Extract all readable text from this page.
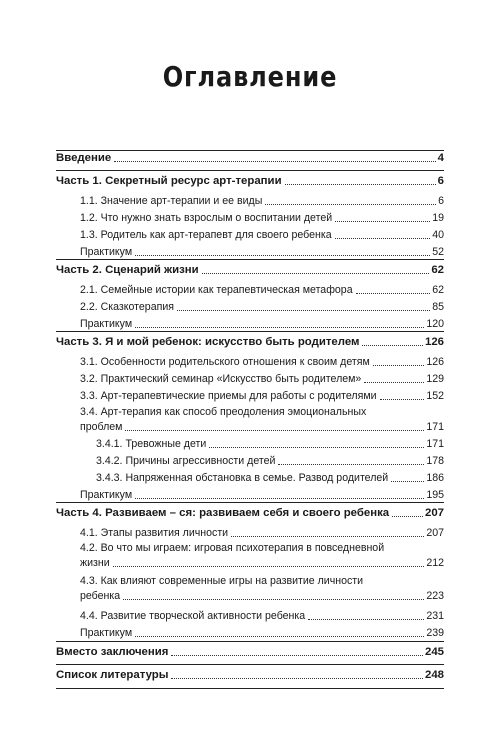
Оглавление
Введение	4
Часть 1. Секретный ресурс арт-терапии	6
1.1. Значение арт-терапии и ее виды	6
1.2. Что нужно знать взрослым о воспитании детей	19
1.3. Родитель как арт-терапевт для своего ребенка	40
Практикум	52
Часть 2. Сценарий жизни	62
2.1. Семейные истории как терапевтическая метафора	62
2.2. Сказкотерапия	85
Практикум	120
Часть 3. Я и мой ребенок: искусство быть родителем	126
3.1. Особенности родительского отношения к своим детям	126
3.2. Практический семинар «Искусство быть родителем»	129
3.3. Арт-терапевтические приемы для работы с родителями	152
3.4. Арт-терапия как способ преодоления эмоциональных
проблем	171
3.4.1. Тревожные дети	171
3.4.2. Причины агрессивности детей	178
3.4.3. Напряженная обстановка в семье. Развод родителей	186
Практикум	195
Часть 4. Развиваем – ся: развиваем себя и своего ребенка	207
4.1. Этапы развития личности	207
4.2. Во что мы играем: игровая психотерапия в повседневной
жизни	212
4.3. Как влияют современные игры на развитие личности
ребенка	223
4.4. Развитие творческой активности ребенка	231
Практикум	239
Вместо заключения	245
Список литературы	248
